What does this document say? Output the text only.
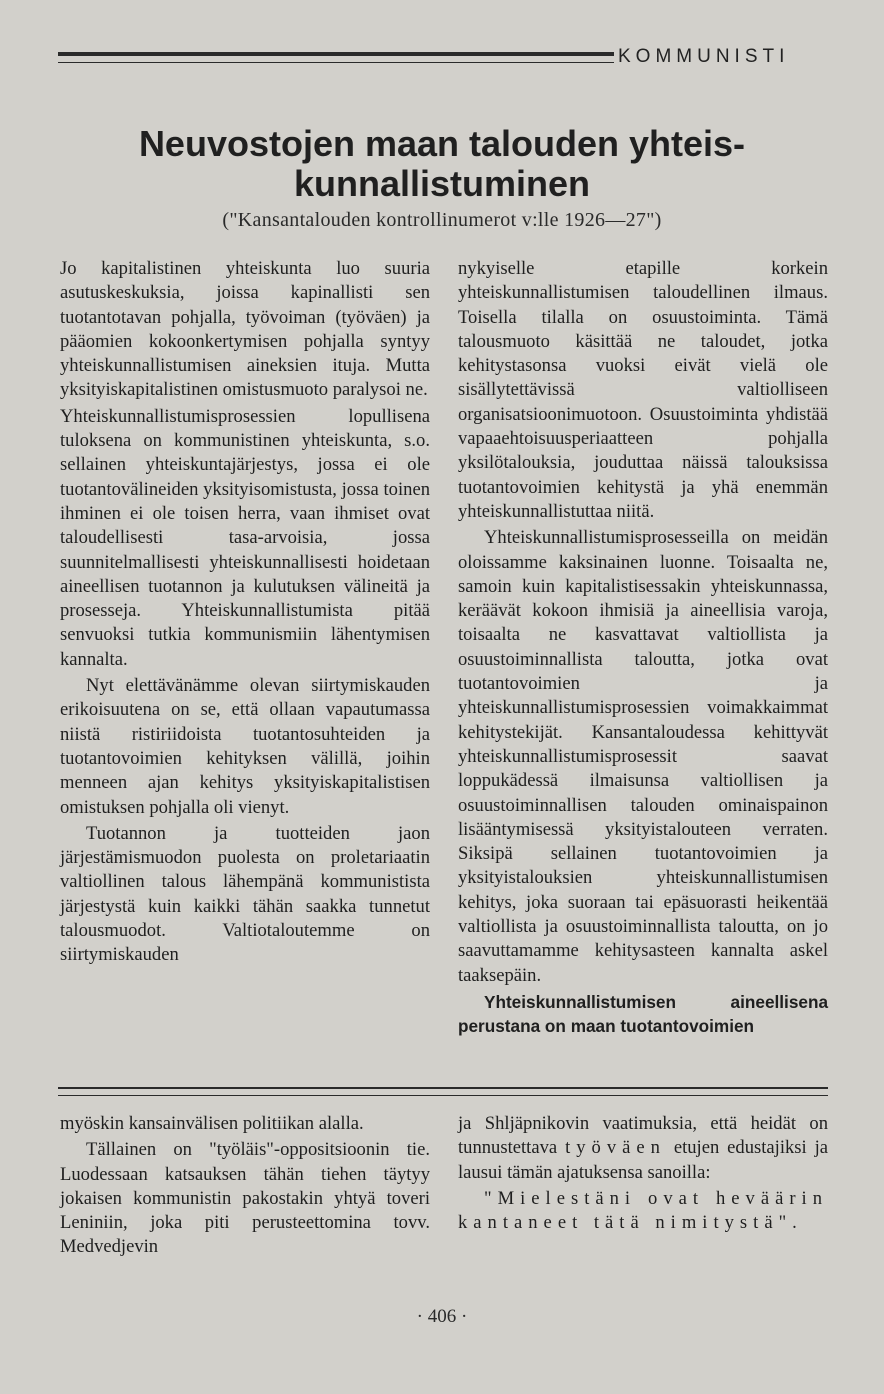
KOMMUNISTI
Neuvostojen maan talouden yhteis-
kunnallistuminen
("Kansantalouden kontrollinumerot v:lle 1926—27")

Jo kapitalistinen yhteiskunta luo suuria asutuskeskuksia, joissa kapinallisti sen tuotantotavan pohjalla, työvoiman (työväen) ja pääomien kokoonkertymisen pohjalla syntyy yhteiskunnallistumisen aineksien ituja. Mutta yksityiskapitalistinen omistusmuoto paralysoi ne.

Yhteiskunnallistumisprosessien lopullisena tuloksena on kommunistinen yhteiskunta, s.o. sellainen yhteiskuntajärjestys, jossa ei ole tuotantovälineiden yksityisomistusta, jossa toinen ihminen ei ole toisen herra, vaan ihmiset ovat taloudellisesti tasa-arvoisia, jossa suunnitelmallisesti yhteiskunnallisesti hoidetaan aineellisen tuotannon ja kulutuksen välineitä ja prosesseja. Yhteiskunnallistumista pitää senvuoksi tutkia kommunismiin lähentymisen kannalta.

Nyt elettävänämme olevan siirtymiskauden erikoisuutena on se, että ollaan vapautumassa niistä ristiriidoista tuotantosuhteiden ja tuotantovoimien kehityksen välillä, joihin menneen ajan kehitys yksityiskapitalistisen omistuksen pohjalla oli vienyt.

Tuotannon ja tuotteiden jaon järjestämismuodon puolesta on proletariaatin valtiollinen talous lähempänä kommunistista järjestystä kuin kaikki tähän saakka tunnetut talousmuodot. Valtiotaloutemme on siirtymiskauden

nykyiselle etapille korkein yhteiskunnallistumisen taloudellinen ilmaus. Toisella tilalla on osuustoiminta. Tämä talousmuoto käsittää ne taloudet, jotka kehitystasonsa vuoksi eivät vielä ole sisällytettävissä valtiolliseen organisatsioonimuotoon. Osuustoiminta yhdistää vapaaehtoisuusperiaatteen pohjalla yksilötalouksia, jouduttaa näissä talouksissa tuotantovoimien kehitystä ja yhä enemmän yhteiskunnallistuttaa niitä.

Yhteiskunnallistumisprosesseilla on meidän oloissamme kaksinainen luonne. Toisaalta ne, samoin kuin kapitalistisessakin yhteiskunnassa, keräävät kokoon ihmisiä ja aineellisia varoja, toisaalta ne kasvattavat valtiollista ja osuustoiminnallista taloutta, jotka ovat tuotantovoimien ja yhteiskunnallistumisprosessien voimakkaimmat kehitystekijät. Kansantaloudessa kehittyvät yhteiskunnallistumisprosessit saavat loppukädessä ilmaisunsa valtiollisen ja osuustoiminnallisen talouden ominaispainon lisääntymisessä yksityistalouteen verraten. Siksipä sellainen tuotantovoimien ja yksityistalouksien yhteiskunnallistumisen kehitys, joka suoraan tai epäsuorasti heikentää valtiollista ja osuustoiminnallista taloutta, on jo saavuttamamme kehitysasteen kannalta askel taaksepäin.

Yhteiskunnallistumisen aineellisena perustana on maan tuotantovoimien

myöskin kansainvälisen politiikan alalla.

Tällainen on "työläis"-oppositsioonin tie. Luodessaan katsauksen tähän tiehen täytyy jokaisen kommunistin pakostakin yhtyä toveri Leniniin, joka piti perusteettomina tovv. Medvedjevin

ja Shljäpnikovin vaatimuksia, että heidät on tunnustettava työväen etujen edustajiksi ja lausui tämän ajatuksensa sanoilla:

"Mielestäni ovat heväärin kantaneet tätä nimitystä".

· 406 ·
